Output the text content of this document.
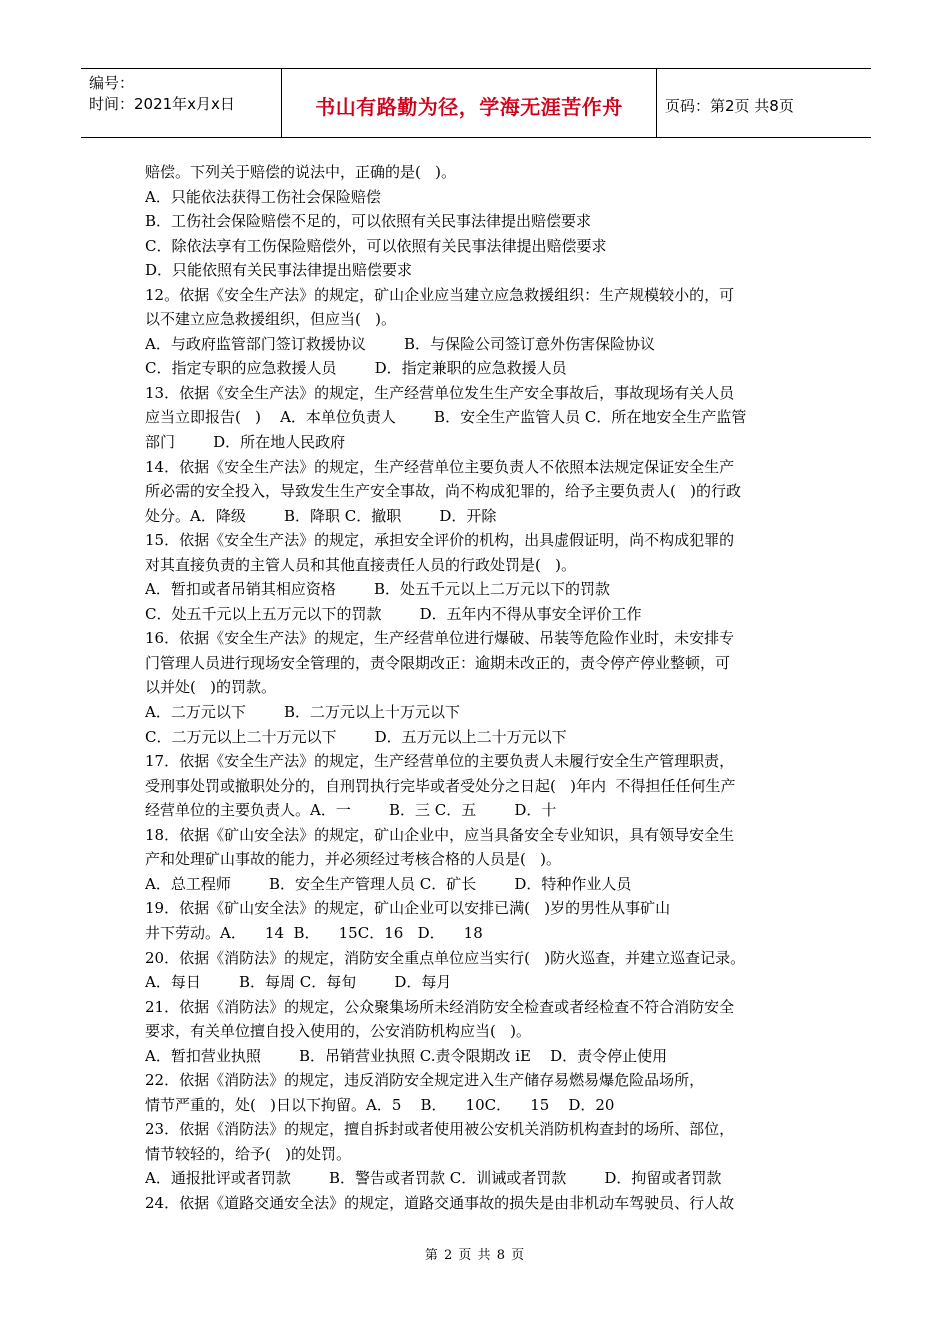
编号：
时间：2021年x月x日	书山有路勤为径，学海无涯苦作舟	页码：第2页 共8页
赔偿。下列关于赔偿的说法中，正确的是(   )。
A．只能依法获得工伤社会保险赔偿
B．工伤社会保险赔偿不足的，可以依照有关民事法律提出赔偿要求
C．除依法享有工伤保险赔偿外，可以依照有关民事法律提出赔偿要求
D．只能依照有关民事法律提出赔偿要求
12。依据《安全生产法》的规定，矿山企业应当建立应急救援组织：生产规模较小的，可
以不建立应急救援组织，但应当(   )。
A．与政府监管部门签订救援协议        B．与保险公司签订意外伤害保险协议
C．指定专职的应急救援人员        D．指定兼职的应急救援人员
13．依据《安全生产法》的规定，生产经营单位发生生产安全事故后，事故现场有关人员
应当立即报告(   )    A．本单位负责人        B．安全生产监管人员 C．所在地安全生产监管
部门        D．所在地人民政府
14．依据《安全生产法》的规定，生产经营单位主要负责人不依照本法规定保证安全生产
所必需的安全投入，导致发生生产安全事故，尚不构成犯罪的，给予主要负责人(   )的行政
处分。A．降级        B．降职 C．撤职        D．开除
15．依据《安全生产法》的规定，承担安全评价的机构，出具虚假证明，尚不构成犯罪的
对其直接负责的主管人员和其他直接责任人员的行政处罚是(   )。
A．暂扣或者吊销其相应资格        B．处五千元以上二万元以下的罚款
C．处五千元以上五万元以下的罚款        D．五年内不得从事安全评价工作
16．依据《安全生产法》的规定，生产经营单位进行爆破、吊装等危险作业时，未安排专
门管理人员进行现场安全管理的，责令限期改正：逾期未改正的，责令停产停业整顿，可
以并处(   )的罚款。
A．二万元以下        B．二万元以上十万元以下
C．二万元以上二十万元以下        D．五万元以上二十万元以下
17．依据《安全生产法》的规定，生产经营单位的主要负责人未履行安全生产管理职责，
受刑事处罚或撤职处分的，自刑罚执行完毕或者受处分之日起(   )年内  不得担任任何生产
经营单位的主要负责人。A．一        B．三 C．五        D．十
18．依据《矿山安全法》的规定，矿山企业中，应当具备安全专业知识，具有领导安全生
产和处理矿山事故的能力，并必须经过考核合格的人员是(   )。
A．总工程师        B．安全生产管理人员 C．矿长        D．特种作业人员
19．依据《矿山安全法》的规定，矿山企业可以安排已满(   )岁的男性从事矿山
井下劳动。A．    14  B．    15C．16   D．    18
20．依据《消防法》的规定，消防安全重点单位应当实行(   )防火巡查，并建立巡查记录。
A．每日        B．每周 C．每旬        D．每月
21．依据《消防法》的规定，公众聚集场所未经消防安全检查或者经检查不符合消防安全
要求，有关单位擅自投入使用的，公安消防机构应当(   )。
A．暂扣营业执照        B．吊销营业执照 C.责令限期改 iE    D．责令停止使用
22．依据《消防法》的规定，违反消防安全规定进入生产储存易燃易爆危险品场所，
情节严重的，处(   )日以下拘留。A．5    B．    10C．    15    D．20
23．依据《消防法》的规定，擅自拆封或者使用被公安机关消防机构查封的场所、部位，
情节较轻的，给予(   )的处罚。
A．通报批评或者罚款        B．警告或者罚款 C．训诫或者罚款        D．拘留或者罚款
24．依据《道路交通安全法》的规定，道路交通事故的损失是由非机动车驾驶员、行人故
第 2 页 共 8 页
